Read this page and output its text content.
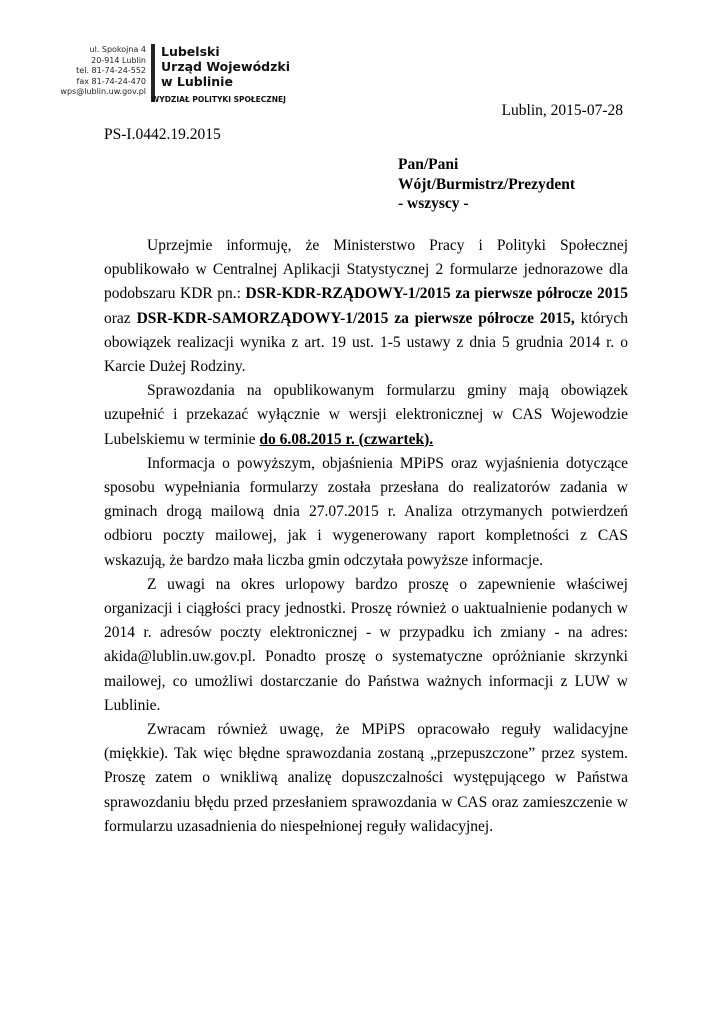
ul. Spokojna 4
20-914 Lublin
tel. 81-74-24-552
fax 81-74-24-470
wps@lublin.uw.gov.pl
Lubelski
Urząd Wojewódzki
w Lublinie
WYDZIAŁ POLITYKI SPOŁECZNEJ
Lublin, 2015-07-28
PS-I.0442.19.2015
Pan/Pani
Wójt/Burmistrz/Prezydent
- wszyscy -

Uprzejmie informuję, że Ministerstwo Pracy i Polityki Społecznej opublikowało w Centralnej Aplikacji Statystycznej 2 formularze jednorazowe dla podobszaru KDR pn.: DSR-KDR-RZĄDOWY-1/2015 za pierwsze półrocze 2015 oraz DSR-KDR-SAMORZĄDOWY-1/2015 za pierwsze półrocze 2015, których obowiązek realizacji wynika z art. 19 ust. 1-5 ustawy z dnia 5 grudnia 2014 r. o Karcie Dużej Rodziny.

Sprawozdania na opublikowanym formularzu gminy mają obowiązek uzupełnić i przekazać wyłącznie w wersji elektronicznej w CAS Wojewodzie Lubelskiemu w terminie do 6.08.2015 r. (czwartek).

Informacja o powyższym, objaśnienia MPiPS oraz wyjaśnienia dotyczące sposobu wypełniania formularzy została przesłana do realizatorów zadania w gminach drogą mailową dnia 27.07.2015 r. Analiza otrzymanych potwierdzeń odbioru poczty mailowej, jak i wygenerowany raport kompletności z CAS wskazują, że bardzo mała liczba gmin odczytała powyższe informacje.

Z uwagi na okres urlopowy bardzo proszę o zapewnienie właściwej organizacji i ciągłości pracy jednostki. Proszę również o uaktualnienie podanych w 2014 r. adresów poczty elektronicznej - w przypadku ich zmiany - na adres: akida@lublin.uw.gov.pl. Ponadto proszę o systematyczne opróżnianie skrzynki mailowej, co umożliwi dostarczanie do Państwa ważnych informacji z LUW w Lublinie.

Zwracam również uwagę, że MPiPS opracowało reguły walidacyjne (miękkie). Tak więc błędne sprawozdania zostaną „przepuszczone” przez system. Proszę zatem o wnikliwą analizę dopuszczalności występującego w Państwa sprawozdaniu błędu przed przesłaniem sprawozdania w CAS oraz zamieszczenie w formularzu uzasadnienia do niespełnionej reguły walidacyjnej.
